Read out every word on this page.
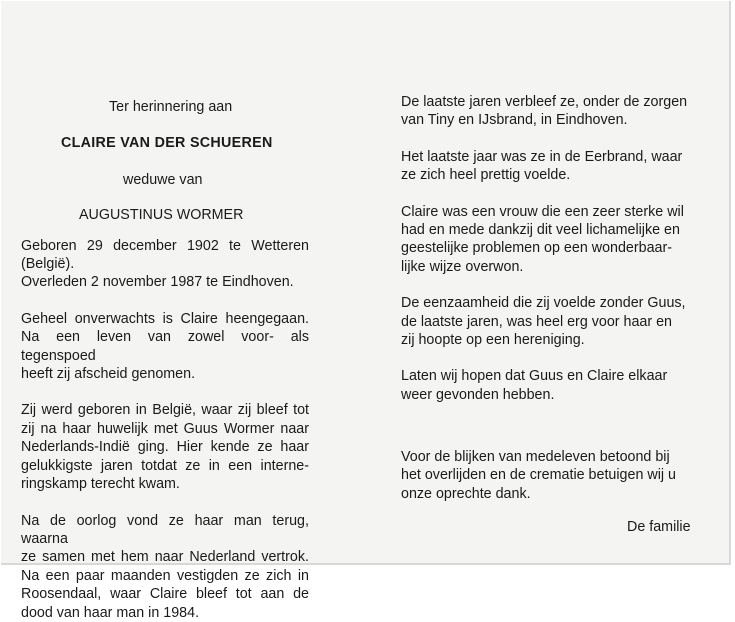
Ter herinnering aan
CLAIRE VAN DER SCHUEREN
weduwe van
AUGUSTINUS WORMER
Geboren 29 december 1902 te Wetteren
(België).
Overleden 2 november 1987 te Eindhoven.
Geheel onverwachts is Claire heengegaan.
Na een leven van zowel voor- als tegenspoed
heeft zij afscheid genomen.
Zij werd geboren in België, waar zij bleef tot
zij na haar huwelijk met Guus Wormer naar
Nederlands-Indië ging. Hier kende ze haar
gelukkigste jaren totdat ze in een interne-
ringskamp terecht kwam.
Na de oorlog vond ze haar man terug, waarna
ze samen met hem naar Nederland vertrok.
Na een paar maanden vestigden ze zich in
Roosendaal, waar Claire bleef tot aan de
dood van haar man in 1984.
De laatste jaren verbleef ze, onder de zorgen
van Tiny en IJsbrand, in Eindhoven.
Het laatste jaar was ze in de Eerbrand, waar
ze zich heel prettig voelde.
Claire was een vrouw die een zeer sterke wil
had en mede dankzij dit veel lichamelijke en
geestelijke problemen op een wonderbaar-
lijke wijze overwon.
De eenzaamheid die zij voelde zonder Guus,
de laatste jaren, was heel erg voor haar en
zij hoopte op een hereniging.
Laten wij hopen dat Guus en Claire elkaar
weer gevonden hebben.
Voor de blijken van medeleven betoond bij
het overlijden en de crematie betuigen wij u
onze oprechte dank.
De familie
